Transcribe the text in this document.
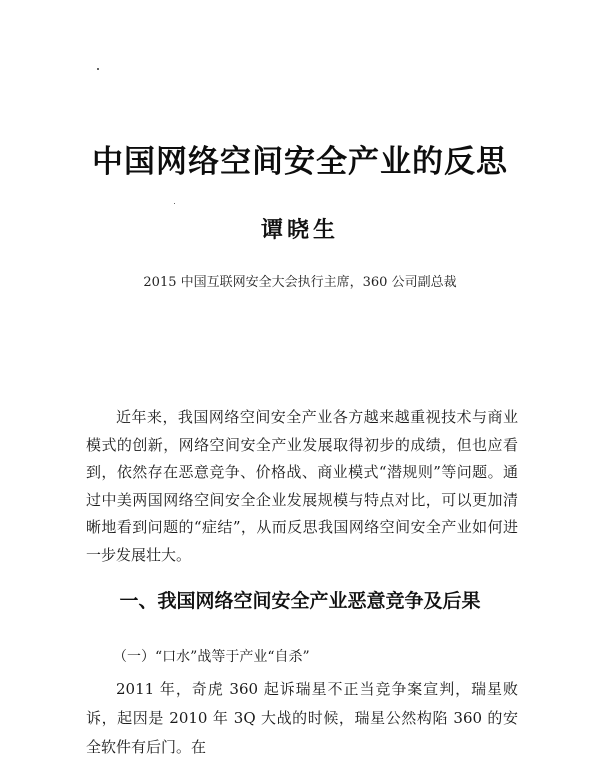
中国网络空间安全产业的反思

谭晓生

2015 中国互联网安全大会执行主席，360 公司副总裁

近年来，我国网络空间安全产业各方越来越重视技术与商业模式的创新，网络空间安全产业发展取得初步的成绩，但也应看到，依然存在恶意竞争、价格战、商业模式“潜规则”等问题。通过中美两国网络空间安全企业发展规模与特点对比，可以更加清晰地看到问题的“症结”，从而反思我国网络空间安全产业如何进一步发展壮大。

一、我国网络空间安全产业恶意竞争及后果

（一）“口水”战等于产业“自杀”

2011 年，奇虎 360 起诉瑞星不正当竞争案宣判，瑞星败诉，起因是 2010 年 3Q 大战的时候，瑞星公然构陷 360 的安全软件有后门。在
